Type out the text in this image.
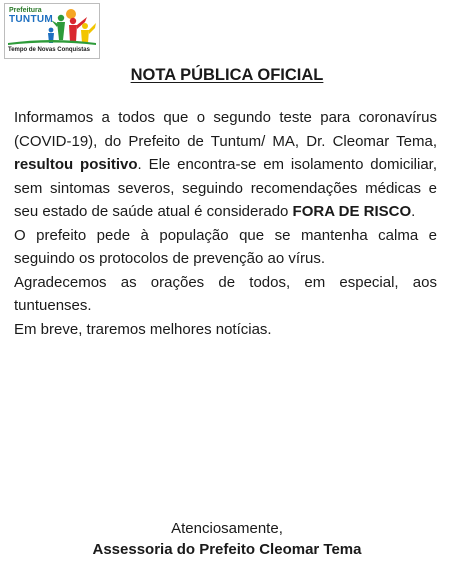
Prefeitura
TUNTUM
Tempo de Novas Conquistas
NOTA PÚBLICA OFICIAL

Informamos a todos que o segundo teste para coronavírus (COVID-19), do Prefeito de Tuntum/ MA, Dr. Cleomar Tema, resultou positivo. Ele encontra-se em isolamento domiciliar, sem sintomas severos, seguindo recomendações médicas e seu estado de saúde atual é considerado FORA DE RISCO.

O prefeito pede à população que se mantenha calma e seguindo os protocolos de prevenção ao vírus.

Agradecemos as orações de todos, em especial, aos tuntuenses.

Em breve, traremos melhores notícias.

Atenciosamente,
Assessoria do Prefeito Cleomar Tema
